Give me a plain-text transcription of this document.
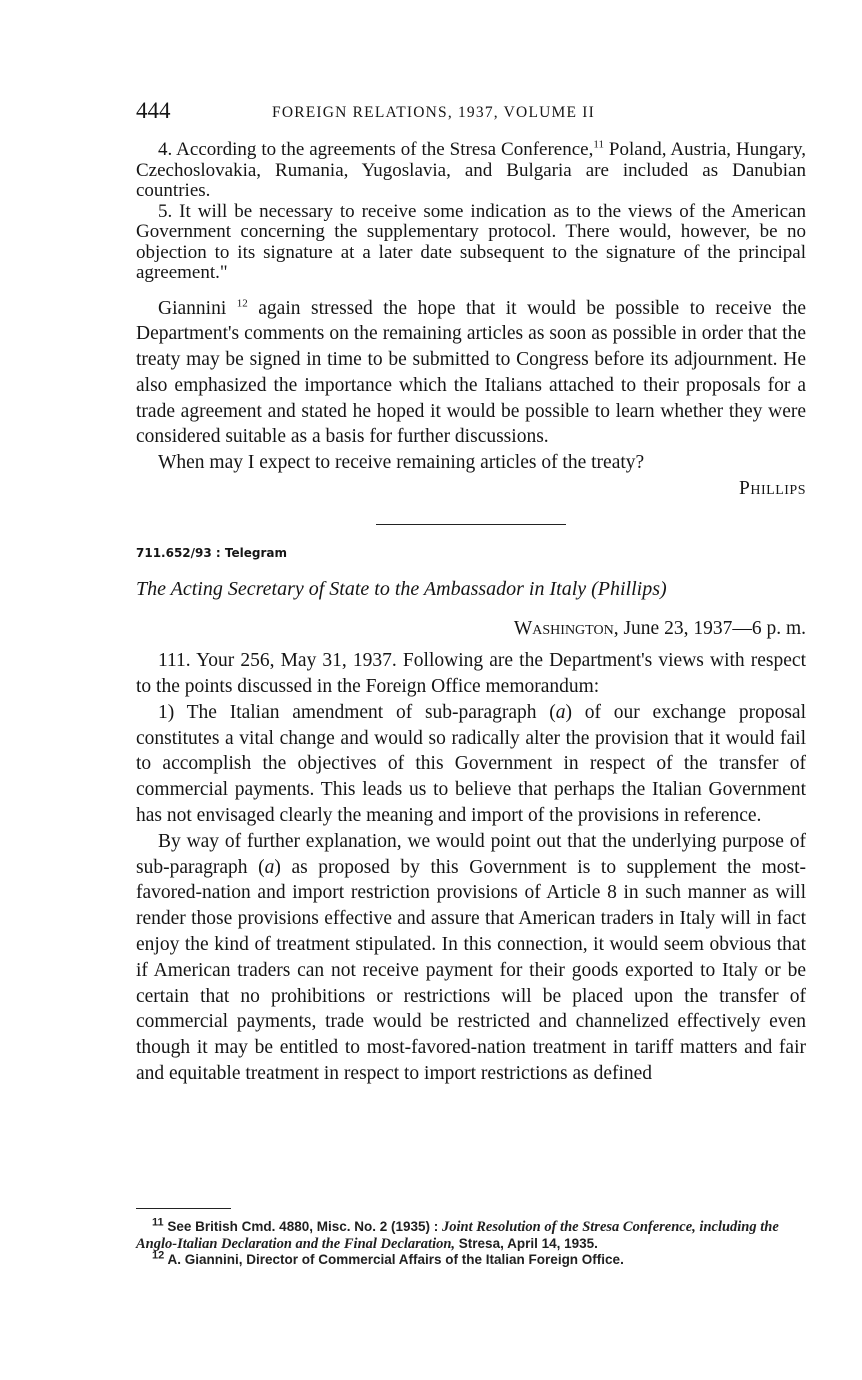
444	FOREIGN RELATIONS, 1937, VOLUME II

4. According to the agreements of the Stresa Conference,$^{11}$ Poland, Austria, Hungary, Czechoslovakia, Rumania, Yugoslavia, and Bulgaria are included as Danubian countries.

5. It will be necessary to receive some indication as to the views of the American Government concerning the supplementary protocol. There would, however, be no objection to its signature at a later date subsequent to the signature of the principal agreement."

Giannini $^{12}$ again stressed the hope that it would be possible to receive the Department's comments on the remaining articles as soon as possible in order that the treaty may be signed in time to be submitted to Congress before its adjournment. He also emphasized the importance which the Italians attached to their proposals for a trade agreement and stated he hoped it would be possible to learn whether they were considered suitable as a basis for further discussions.

When may I expect to receive remaining articles of the treaty?

Phillips

711.652/93 : Telegram
The Acting Secretary of State to the Ambassador in Italy (Phillips)

Washington, June 23, 1937—6 p. m.

111. Your 256, May 31, 1937. Following are the Department's views with respect to the points discussed in the Foreign Office memorandum:

1) The Italian amendment of sub-paragraph (a) of our exchange proposal constitutes a vital change and would so radically alter the provision that it would fail to accomplish the objectives of this Government in respect of the transfer of commercial payments. This leads us to believe that perhaps the Italian Government has not envisaged clearly the meaning and import of the provisions in reference.

By way of further explanation, we would point out that the underlying purpose of sub-paragraph (a) as proposed by this Government is to supplement the most-favored-nation and import restriction provisions of Article 8 in such manner as will render those provisions effective and assure that American traders in Italy will in fact enjoy the kind of treatment stipulated. In this connection, it would seem obvious that if American traders can not receive payment for their goods exported to Italy or be certain that no prohibitions or restrictions will be placed upon the transfer of commercial payments, trade would be restricted and channelized effectively even though it may be entitled to most-favored-nation treatment in tariff matters and fair and equitable treatment in respect to import restrictions as defined

$^{11}$ See British Cmd. 4880, Misc. No. 2 (1935) : Joint Resolution of the Stresa Conference, including the Anglo-Italian Declaration and the Final Declaration, Stresa, April 14, 1935.

$^{12}$ A. Giannini, Director of Commercial Affairs of the Italian Foreign Office.
